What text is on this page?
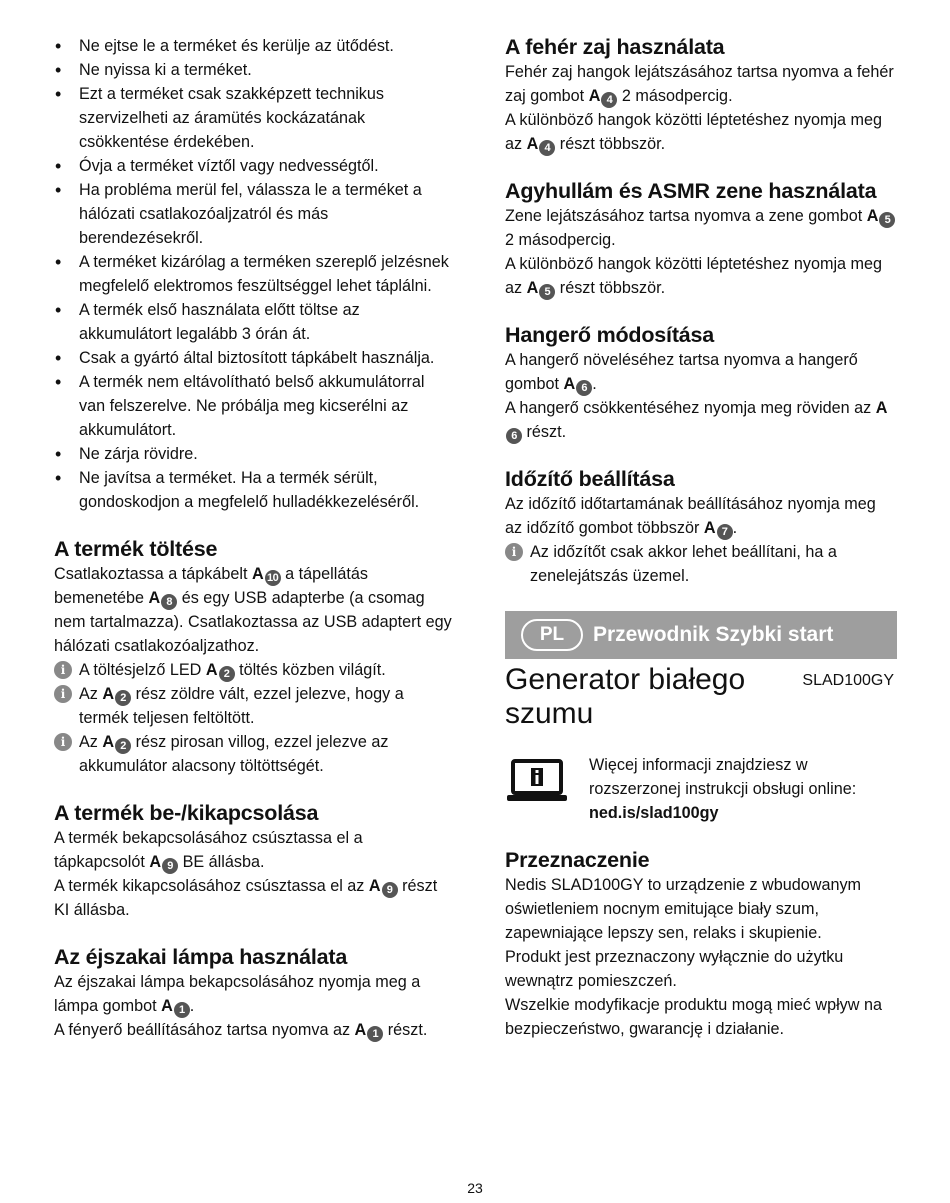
• Ne ejtse le a terméket és kerülje az ütődést.
• Ne nyissa ki a terméket.
• Ezt a terméket csak szakképzett technikus szervizelheti az áramütés kockázatának csökkentése érdekében.
• Óvja a terméket víztől vagy nedvességtől.
• Ha probléma merül fel, válassza le a terméket a hálózati csatlakozóaljzatról és más berendezésekről.
• A terméket kizárólag a terméken szereplő jelzésnek megfelelő elektromos feszültséggel lehet táplálni.
• A termék első használata előtt töltse az akkumulátort legalább 3 órán át.
• Csak a gyártó által biztosított tápkábelt használja.
• A termék nem eltávolítható belső akkumulátorral van felszerelve. Ne próbálja meg kicserélni az akkumulátort.
• Ne zárja rövidre.
• Ne javítsa a terméket. Ha a termék sérült, gondoskodjon a megfelelő hulladékkezeléséről.
A termék töltése

Csatlakoztassa a tápkábelt A 10 a tápellátás bemenetébe A 8 és egy USB adapterbe (a csomag nem tartalmazza). Csatlakoztassa az USB adaptert egy hálózati csatlakozóaljzathoz.

i A töltésjelző LED A 2 töltés közben világít.
i Az A 2 rész zöldre vált, ezzel jelezve, hogy a termék teljesen feltöltött.
i Az A 2 rész pirosan villog, ezzel jelezve az akkumulátor alacsony töltöttségét.
A termék be-/kikapcsolása

A termék bekapcsolásához csúsztassa el a tápkapcsolót A 9 BE állásba.

A termék kikapcsolásához csúsztassa el az A 9 részt KI állásba.

Az éjszakai lámpa használata

Az éjszakai lámpa bekapcsolásához nyomja meg a lámpa gombot A 1 .

A fényerő beállításához tartsa nyomva az A 1 részt.

A fehér zaj használata

Fehér zaj hangok lejátszásához tartsa nyomva a fehér zaj gombot A 4 2 másodpercig.

A különböző hangok közötti léptetéshez nyomja meg az A 4 részt többször.

Agyhullám és ASMR zene használata

Zene lejátszásához tartsa nyomva a zene gombot A 5 2 másodpercig.

A különböző hangok közötti léptetéshez nyomja meg az A 5 részt többször.

Hangerő módosítása

A hangerő növeléséhez tartsa nyomva a hangerő gombot A 6 .

A hangerő csökkentéséhez nyomja meg röviden az A6 részt.

Időzítő beállítása

Az időzítő időtartamának beállításához nyomja meg az időzítő gombot többször A 7 .

i Az időzítőt csak akkor lehet beállítani, ha a zenelejátszás üzemel.
PL	Przewodnik Szybki start
Generator białego szumu
SLAD100GY

Więcej informacji znajdziesz w rozszerzonej instrukcji obsługi online:

ned.is/slad100gy

Przeznaczenie

Nedis SLAD100GY to urządzenie z wbudowanym oświetleniem nocnym emitujące biały szum, zapewniające lepszy sen, relaks i skupienie.

Produkt jest przeznaczony wyłącznie do użytku wewnątrz pomieszczeń.

Wszelkie modyfikacje produktu mogą mieć wpływ na bezpieczeństwo, gwarancję i działanie.

23
